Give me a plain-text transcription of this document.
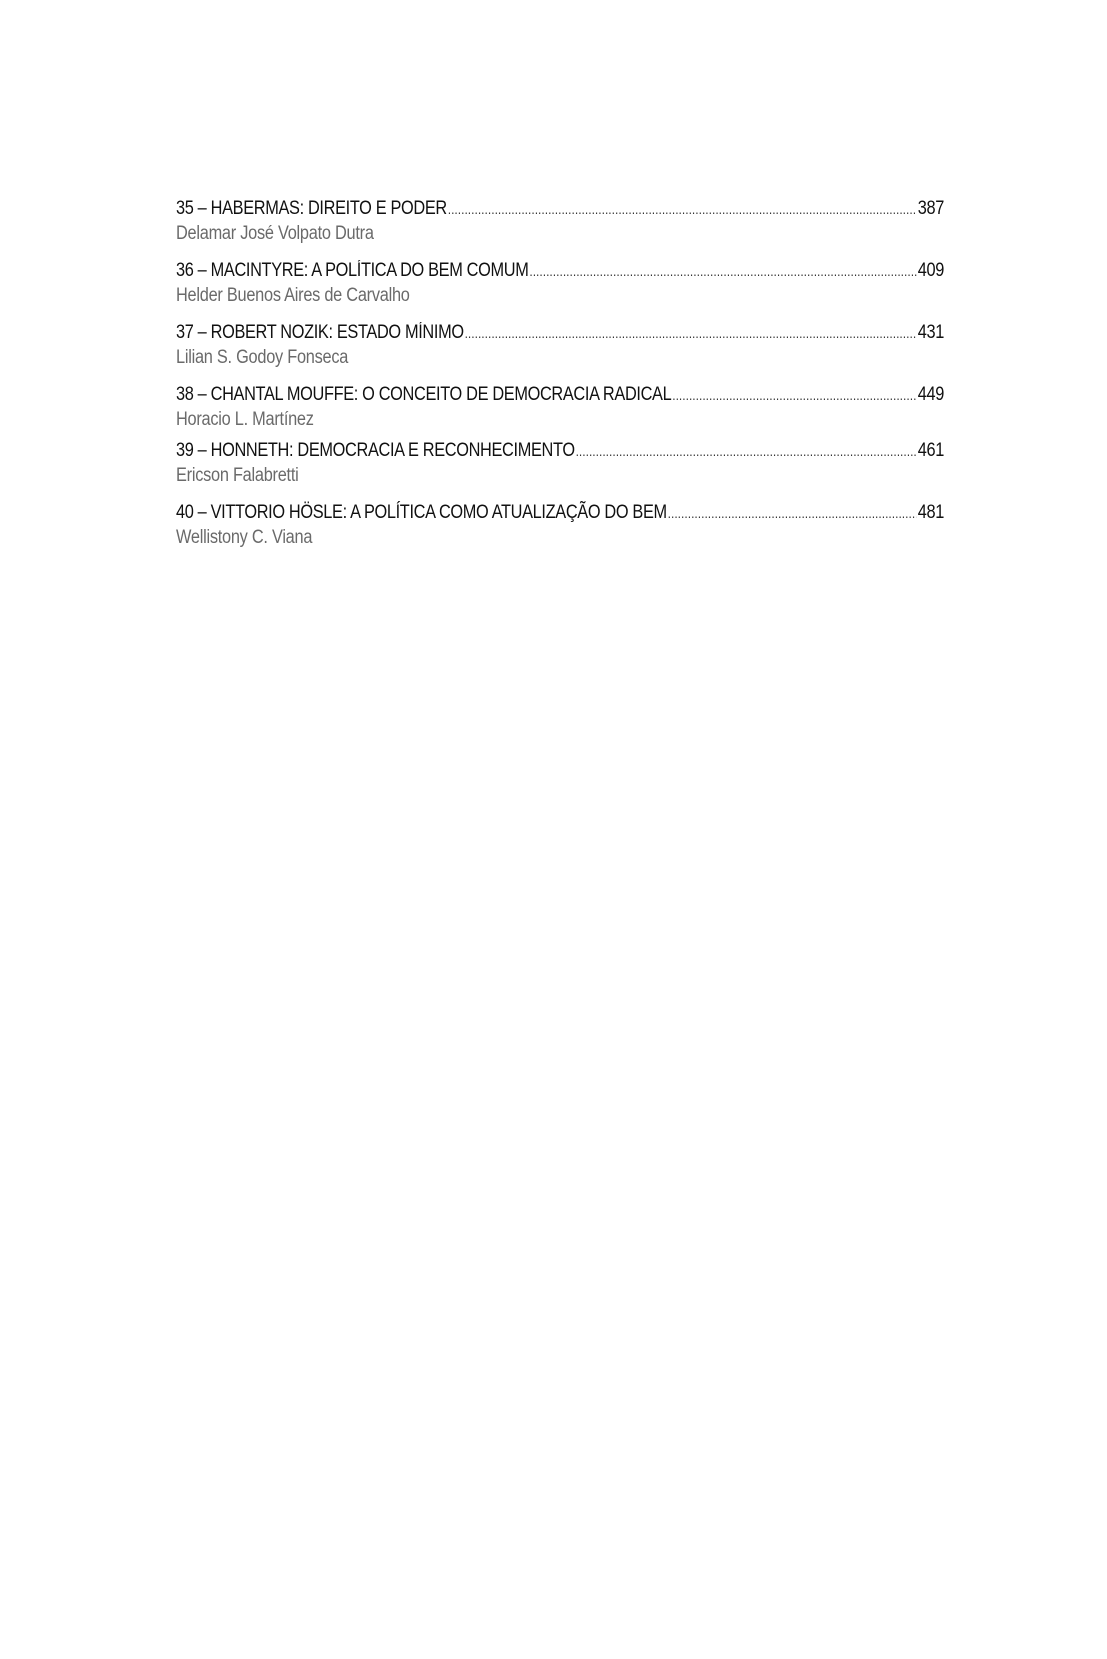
35 – HABERMAS: DIREITO E PODER .....	387
Delamar José Volpato Dutra
36 – MACINTYRE: A POLÍTICA DO BEM COMUM .....	409
Helder Buenos Aires de Carvalho
37 – ROBERT NOZIK: ESTADO MÍNIMO .....	431
Lilian S. Godoy Fonseca
38 – CHANTAL MOUFFE: O CONCEITO DE DEMOCRACIA RADICAL .....	449
Horacio L. Martínez
39 – HONNETH: DEMOCRACIA E RECONHECIMENTO .....	461
Ericson Falabretti
40 – VITTORIO HÖSLE: A POLÍTICA COMO ATUALIZAÇÃO DO BEM .....	481
Wellistony C. Viana
